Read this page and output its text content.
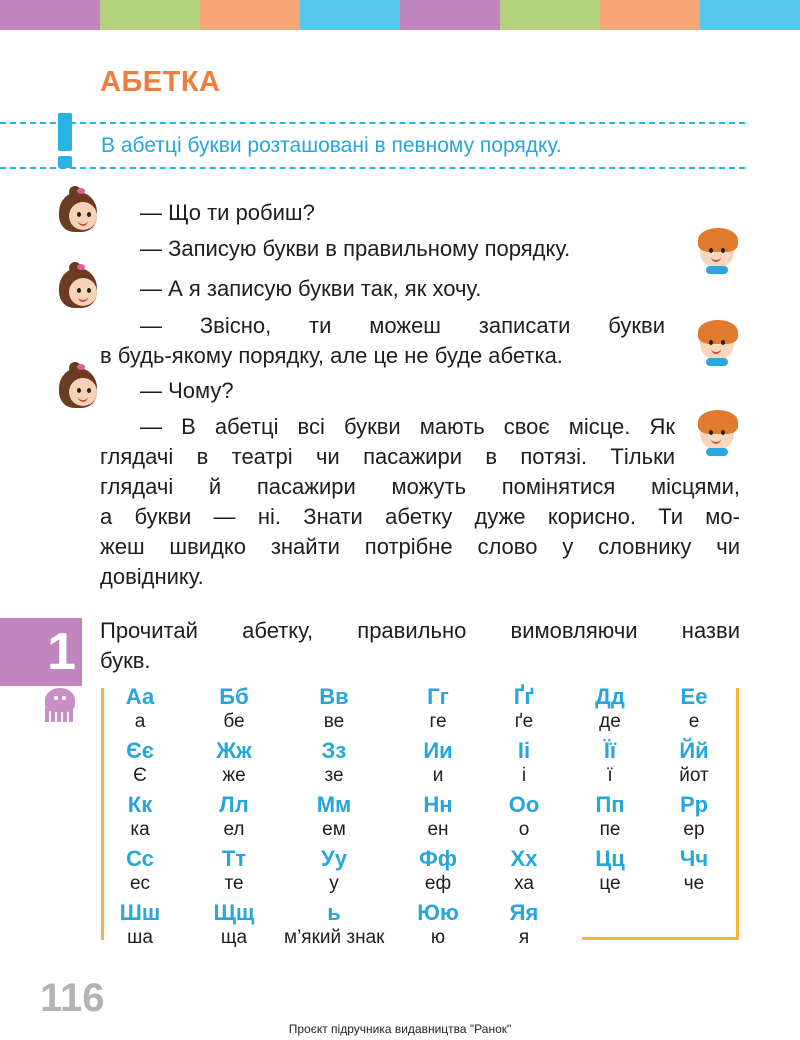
АБЕТКА
В абетці букви розташовані в певному порядку.
— Що ти робиш?
— Записую букви в правильному порядку.
— А я записую букви так, як хочу.
— Звісно, ти можеш записати букви
в будь-якому порядку, але це не буде абетка.
— Чому?
— В абетці всі букви мають своє місце. Як
глядачі в театрі чи пасажири в потязі. Тільки
глядачі й пасажири можуть помінятися місцями,
а букви — ні. Знати абетку дуже корисно. Ти мо-
жеш швидко знайти потрібне слово у словнику чи
довіднику.
1 Прочитай абетку, правильно вимовляючи назви
букв.
Аа
а
Бб
бе
Вв
ве
Гг
ге
Ґґ
ґе
Дд
де
Ее
е
Єє
Є
Жж
же
Зз
зе
Ии
и
Іі
і
Її
ї
Йй
йот
Кк
ка
Лл
ел
Мм
ем
Нн
ен
Оо
о
Пп
пе
Рр
ер
Сс
ес
Тт
те
Уу
у
Фф
еф
Хх
ха
Цц
це
Чч
че
Шш
ша
Щщ
ща
ь
м’який знак
Юю
ю
Яя
я
116
Проєкт підручника видавництва "Ранок"
